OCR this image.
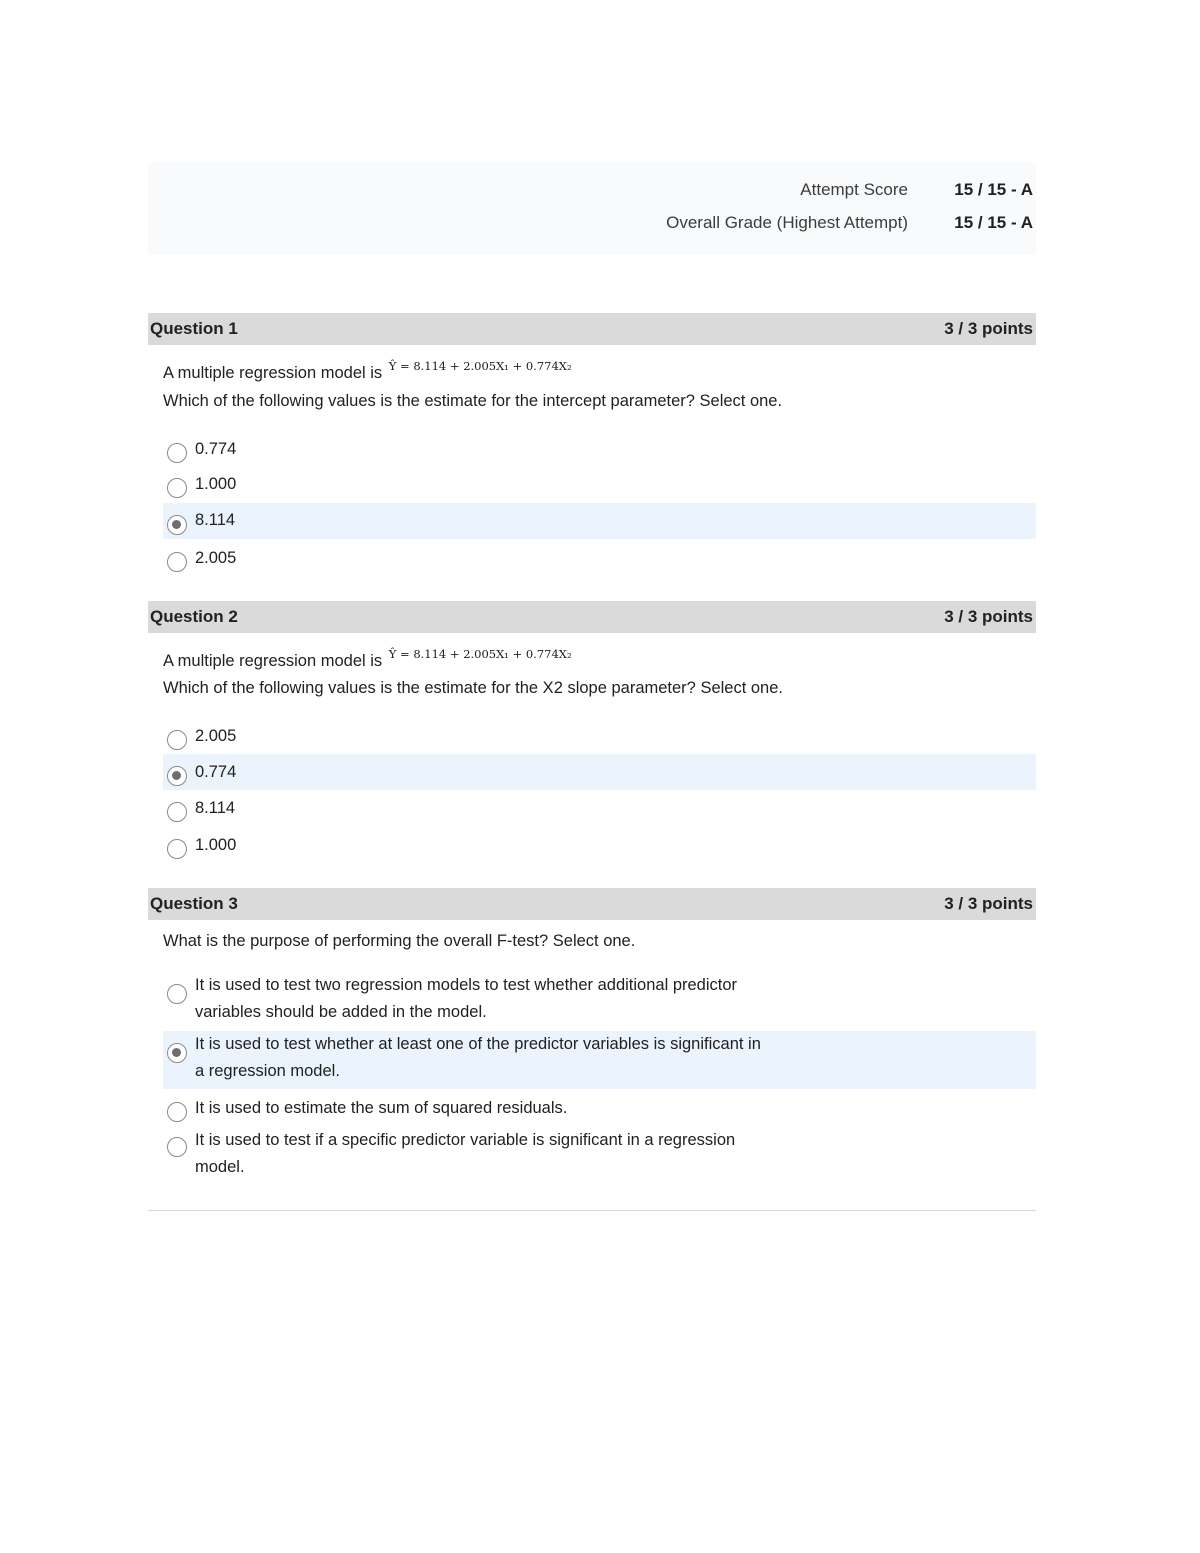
Attempt Score	15 / 15 - A
Overall Grade (Highest Attempt)	15 / 15 - A
Question 1	3 / 3 points
A multiple regression model is $^{Ŷ = 8.114 + 2.005X_1 + 0.774X_2}$
Which of the following values is the estimate for the intercept parameter? Select one.
0.774
1.000
8.114
2.005
Question 2	3 / 3 points
A multiple regression model is $^{Ŷ = 8.114 + 2.005X_1 + 0.774X_2}$
Which of the following values is the estimate for the X2 slope parameter? Select one.
2.005
0.774
8.114
1.000
Question 3	3 / 3 points
What is the purpose of performing the overall F-test? Select one.
It is used to test two regression models to test whether additional predictor
variables should be added in the model.
It is used to test whether at least one of the predictor variables is significant in
a regression model.
It is used to estimate the sum of squared residuals.
It is used to test if a specific predictor variable is significant in a regression
model.
